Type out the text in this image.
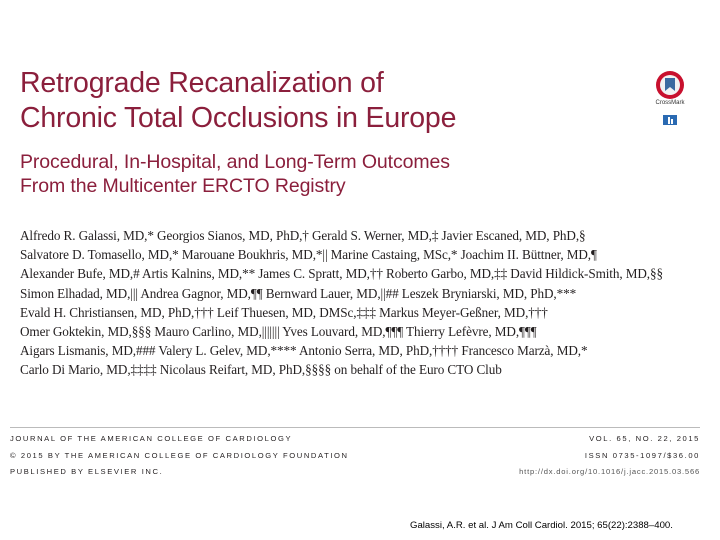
Retrograde Recanalization of
Chronic Total Occlusions in Europe	CrossMark
Procedural, In-Hospital, and Long-Term Outcomes
From the Multicenter ERCTO Registry
Alfredo R. Galassi, MD,* Georgios Sianos, MD, PhD,† Gerald S. Werner, MD,‡ Javier Escaned, MD, PhD,§
Salvatore D. Tomasello, MD,* Marouane Boukhris, MD,*|| Marine Castaing, MSc,* Joachim II. Büttner, MD,¶
Alexander Bufe, MD,# Artis Kalnins, MD,** James C. Spratt, MD,†† Roberto Garbo, MD,‡‡ David Hildick-Smith, MD,§§
Simon Elhadad, MD,||| Andrea Gagnor, MD,¶¶ Bernward Lauer, MD,||## Leszek Bryniarski, MD, PhD,***
Evald H. Christiansen, MD, PhD,††† Leif Thuesen, MD, DMSc,‡‡‡ Markus Meyer-Geßner, MD,†††
Omer Goktekin, MD,§§§ Mauro Carlino, MD,||||||| Yves Louvard, MD,¶¶¶ Thierry Lefèvre, MD,¶¶¶
Aigars Lismanis, MD,### Valery L. Gelev, MD,**** Antonio Serra, MD, PhD,†††† Francesco Marzà, MD,*
Carlo Di Mario, MD,‡‡‡‡ Nicolaus Reifart, MD, PhD,§§§§ on behalf of the Euro CTO Club
JOURNAL OF THE AMERICAN COLLEGE OF CARDIOLOGY
© 2015 BY THE AMERICAN COLLEGE OF CARDIOLOGY FOUNDATION
PUBLISHED BY ELSEVIER INC.
VOL. 65, NO. 22, 2015
ISSN 0735-1097/$36.00
http://dx.doi.org/10.1016/j.jacc.2015.03.566
Galassi, A.R. et al. J Am Coll Cardiol. 2015; 65(22):2388–400.
